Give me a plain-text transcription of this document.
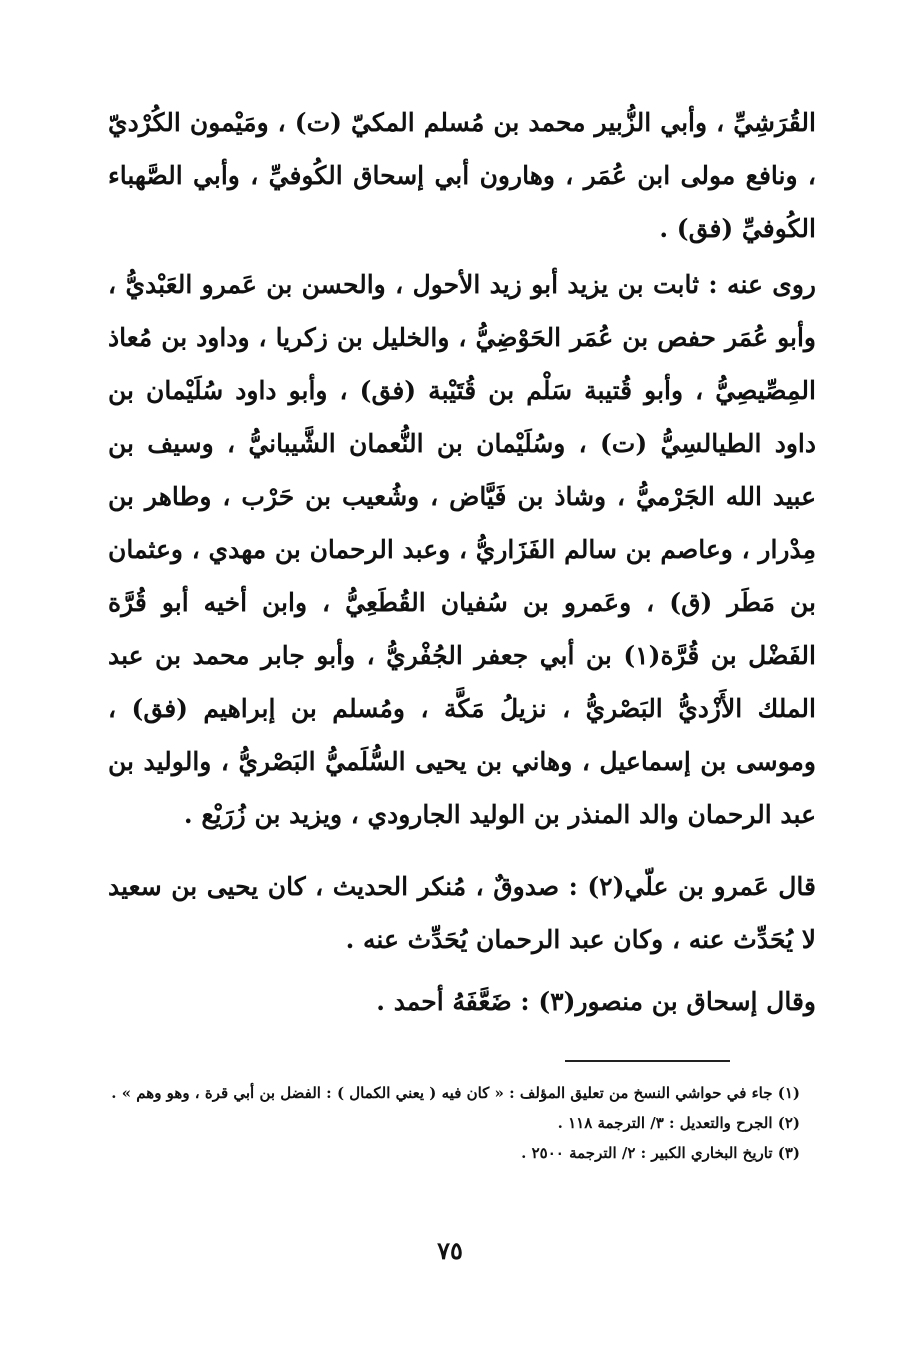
القُرَشِيِّ ، وأبي الزُّبير محمد بن مُسلم المكيّ (ت) ، ومَيْمون الكُرْديّ ، ونافع مولى ابن عُمَر ، وهارون أبي إسحاق الكُوفيِّ ، وأبي الصَّهباء الكُوفيِّ (فق) .

روى عنه : ثابت بن يزيد أبو زيد الأحول ، والحسن بن عَمرو العَبْديُّ ، وأبو عُمَر حفص بن عُمَر الحَوْضِيُّ ، والخليل بن زكريا ، وداود بن مُعاذ المِصِّيصِيُّ ، وأبو قُتيبة سَلْم بن قُتَيْبة (فق) ، وأبو داود سُلَيْمان بن داود الطيالسِيُّ (ت) ، وسُلَيْمان بن النُّعمان الشَّيبانيُّ ، وسيف بن عبيد الله الجَرْميُّ ، وشاذ بن فَيَّاض ، وشُعيب بن حَرْب ، وطاهر بن مِدْرار ، وعاصم بن سالم الفَزَاريُّ ، وعبد الرحمان بن مهدي ، وعثمان بن مَطَر (ق) ، وعَمرو بن سُفيان القُطَعِيُّ ، وابن أخيه أبو قُرَّة الفَضْل بن قُرَّة(١) بن أبي جعفر الجُفْريُّ ، وأبو جابر محمد بن عبد الملك الأَزْديُّ البَصْريُّ ، نزيلُ مَكَّة ، ومُسلم بن إبراهيم (فق) ، وموسى بن إسماعيل ، وهاني بن يحيى السُّلَميُّ البَصْريُّ ، والوليد بن عبد الرحمان والد المنذر بن الوليد الجارودي ، ويزيد بن زُرَيْع .

قال عَمرو بن علّي(٢) : صدوقٌ ، مُنكر الحديث ، كان يحيى بن سعيد لا يُحَدِّث عنه ، وكان عبد الرحمان يُحَدِّث عنه .

وقال إسحاق بن منصور(٣) : ضَعَّفَهُ أحمد .

(١) جاء في حواشي النسخ من تعليق المؤلف : « كان فيه ( يعني الكمال ) : الفضل بن أبي قرة ، وهو وهم » .

(٢) الجرح والتعديل : ٣/ الترجمة ١١٨ .

(٣) تاريخ البخاري الكبير : ٢/ الترجمة ٢٥٠٠ .

٧٥
